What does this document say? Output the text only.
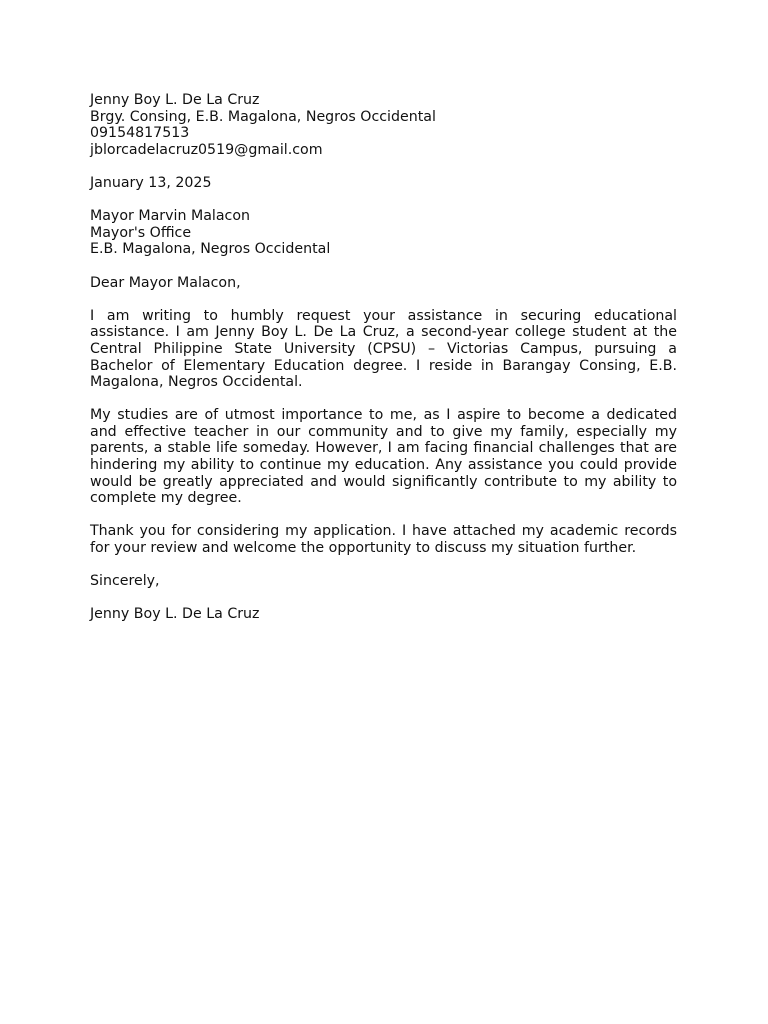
Jenny Boy L. De La Cruz
Brgy. Consing, E.B. Magalona, Negros Occidental
09154817513
jblorcadelacruz0519@gmail.com
January 13, 2025
Mayor Marvin Malacon
Mayor's Office
E.B. Magalona, Negros Occidental
Dear Mayor Malacon,

I am writing to humbly request your assistance in securing educational assistance. I am Jenny Boy L. De La Cruz, a second-year college student at the Central Philippine State University (CPSU) – Victorias Campus, pursuing a Bachelor of Elementary Education degree. I reside in Barangay Consing, E.B. Magalona, Negros Occidental.

My studies are of utmost importance to me, as I aspire to become a dedicated and effective teacher in our community and to give my family, especially my parents, a stable life someday. However, I am facing financial challenges that are hindering my ability to continue my education. Any assistance you could provide would be greatly appreciated and would significantly contribute to my ability to complete my degree.

Thank you for considering my application. I have attached my academic records for your review and welcome the opportunity to discuss my situation further.

Sincerely,
Jenny Boy L. De La Cruz
